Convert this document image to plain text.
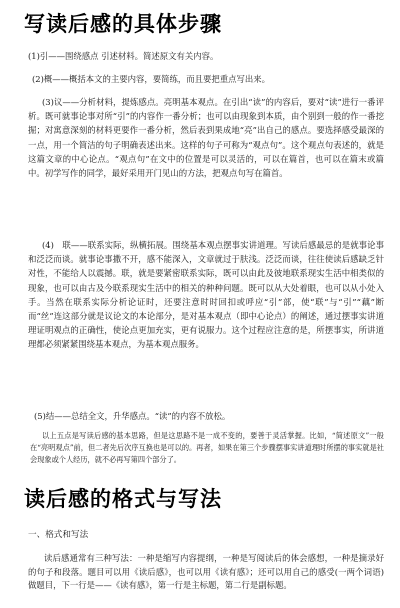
写读后感的具体步骤

(1)引——围绕感点 引述材料。简述原文有关内容。

(2)概——概括本文的主要内容，要简练，而且要把重点写出来。

(3)议——分析材料，提炼感点。亮明基本观点。在引出“读”的内容后，要对“读”进行一番评析。既可就事论事对所“引”的内容作一番分析；也可以由现象到本质，由个别到一般的作一番挖掘；对寓意深刻的材料更要作一番分析，然后表到果成地“亮”出自己的感点。要选择感受最深的一点，用一个简洁的句子明确表述出来。这样的句子可称为“观点句”。这个观点句表述的，就是这篇文章的中心论点。“观点句”在文中的位置是可以灵活的，可以在篇首，也可以在篇末或篇中。初学写作的同学，最好采用开门见山的方法，把观点句写在篇首。

(4)　联——联系实际，纵横拓展。围绕基本观点摆事实讲道理。写读后感最忌的是就事论事和泛泛而谈。就事论事撒不开，感不能深入，文章就过于肤浅。泛泛而谈，往往使读后感缺乏针对性，不能给人以震撼。联，就是要紧密联系实际，既可以由此及彼地联系现实生活中相类似的现象，也可以由古及今联系现实生活中的相关的种种问题。既可以从大处着眼，也可以从小处入手。当然在联系实际分析论证时，还要注意时时回扣或呼应“引”部，使“联”与“引”“藕”断而“丝”连这部分就是议论文的本论部分，是对基本观点（即中心论点）的阐述，通过摆事实讲道理证明观点的正确性，使论点更加充实，更有说服力。这个过程应注意的是，所摆事实，所讲道理都必须紧紧围绕基本观点，为基本观点服务。

(5)结——总结全文，升华感点。“读”的内容不放松。

以上五点是写读后感的基本思路，但是这思路不是一成不变的，要善于灵活掌握。比如，“简述原文”一般在“亮明观点”前，但二者先后次序互换也是可以的。再者，如果在第三个步骤摆事实讲道理时所摆的事实就是社会现象或个人经历，就不必再写第四个部分了。

读后感的格式与写法
一、格式和写法

读后感通常有三种写法：一种是缩写内容提纲，一种是写阅读后的体会感想，一种是摘录好的句子和段落。题目可以用《读后感》，也可以用《读有感》；还可以用自己的感受(一两个词语)做题目，下一行是——《读有感》，第一行是主标题，第二行是副标题。
